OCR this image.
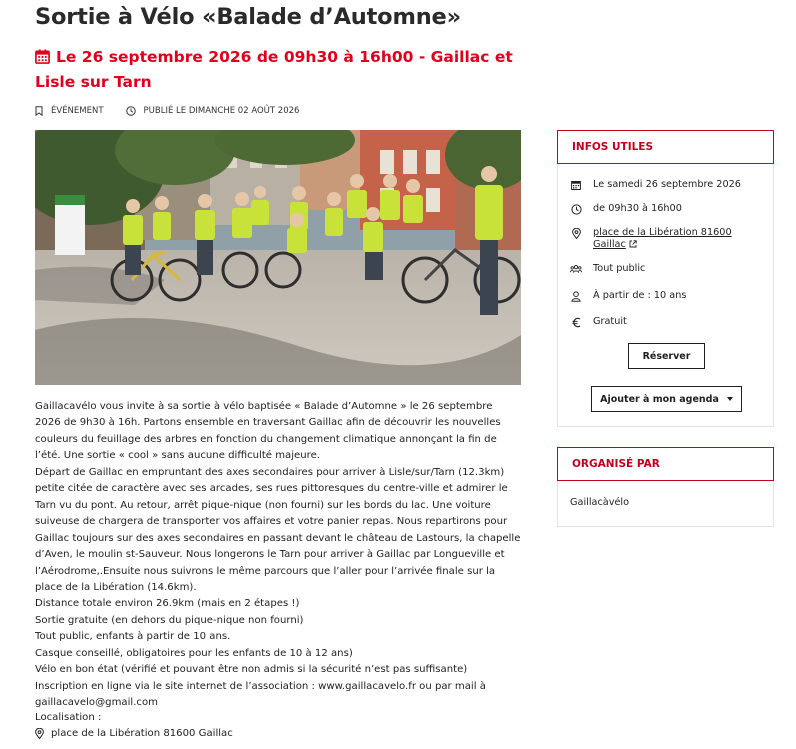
Sortie à Vélo «Balade d’Automne»
Le 26 septembre 2026 de 09h30 à 16h00 - Gaillac et Lisle sur Tarn
ÉVÉNEMENT	PUBLIÉ LE DIMANCHE 02 AOÛT 2026

Gaillacavélo vous invite à sa sortie à vélo baptisée « Balade d’Automne » le 26 septembre 2026 de 9h30 à 16h. Partons ensemble en traversant Gaillac afin de découvrir les nouvelles couleurs du feuillage des arbres en fonction du changement climatique annonçant la fin de l’été. Une sortie « cool » sans aucune difficulté majeure.

Départ de Gaillac en empruntant des axes secondaires pour arriver à Lisle/sur/Tarn (12.3km) petite citée de caractère avec ses arcades, ses rues pittoresques du centre-ville et admirer le Tarn vu du pont. Au retour, arrêt pique-nique (non fourni) sur les bords du lac. Une voiture suiveuse de chargera de transporter vos affaires et votre panier repas. Nous repartirons pour Gaillac toujours sur des axes secondaires en passant devant le château de Lastours, la chapelle d’Aven, le moulin st-Sauveur. Nous longerons le Tarn pour arriver à Gaillac par Longueville et l’Aérodrome,.Ensuite nous suivrons le même parcours que l’aller pour l’arrivée finale sur la place de la Libération (14.6km).

Distance totale environ 26.9km (mais en 2 étapes !)

Sortie gratuite (en dehors du pique-nique non fourni)

Tout public, enfants à partir de 10 ans.

Casque conseillé, obligatoires pour les enfants de 10 à 12 ans)

Vélo en bon état (vérifié et pouvant être non admis si la sécurité n’est pas suffisante)

Inscription en ligne via le site internet de l’association : www.gaillacavelo.fr ou par mail à gaillacavelo@gmail.com

Localisation :
place de la Libération 81600 Gaillac
INFOS UTILES
Le samedi 26 septembre 2026
de 09h30 à 16h00
place de la Libération 81600
Gaillac
Tout public
À partir de : 10 ans
Gratuit
Réserver
Ajouter à mon agenda
ORGANISÉ PAR
Gaillacàvélo
